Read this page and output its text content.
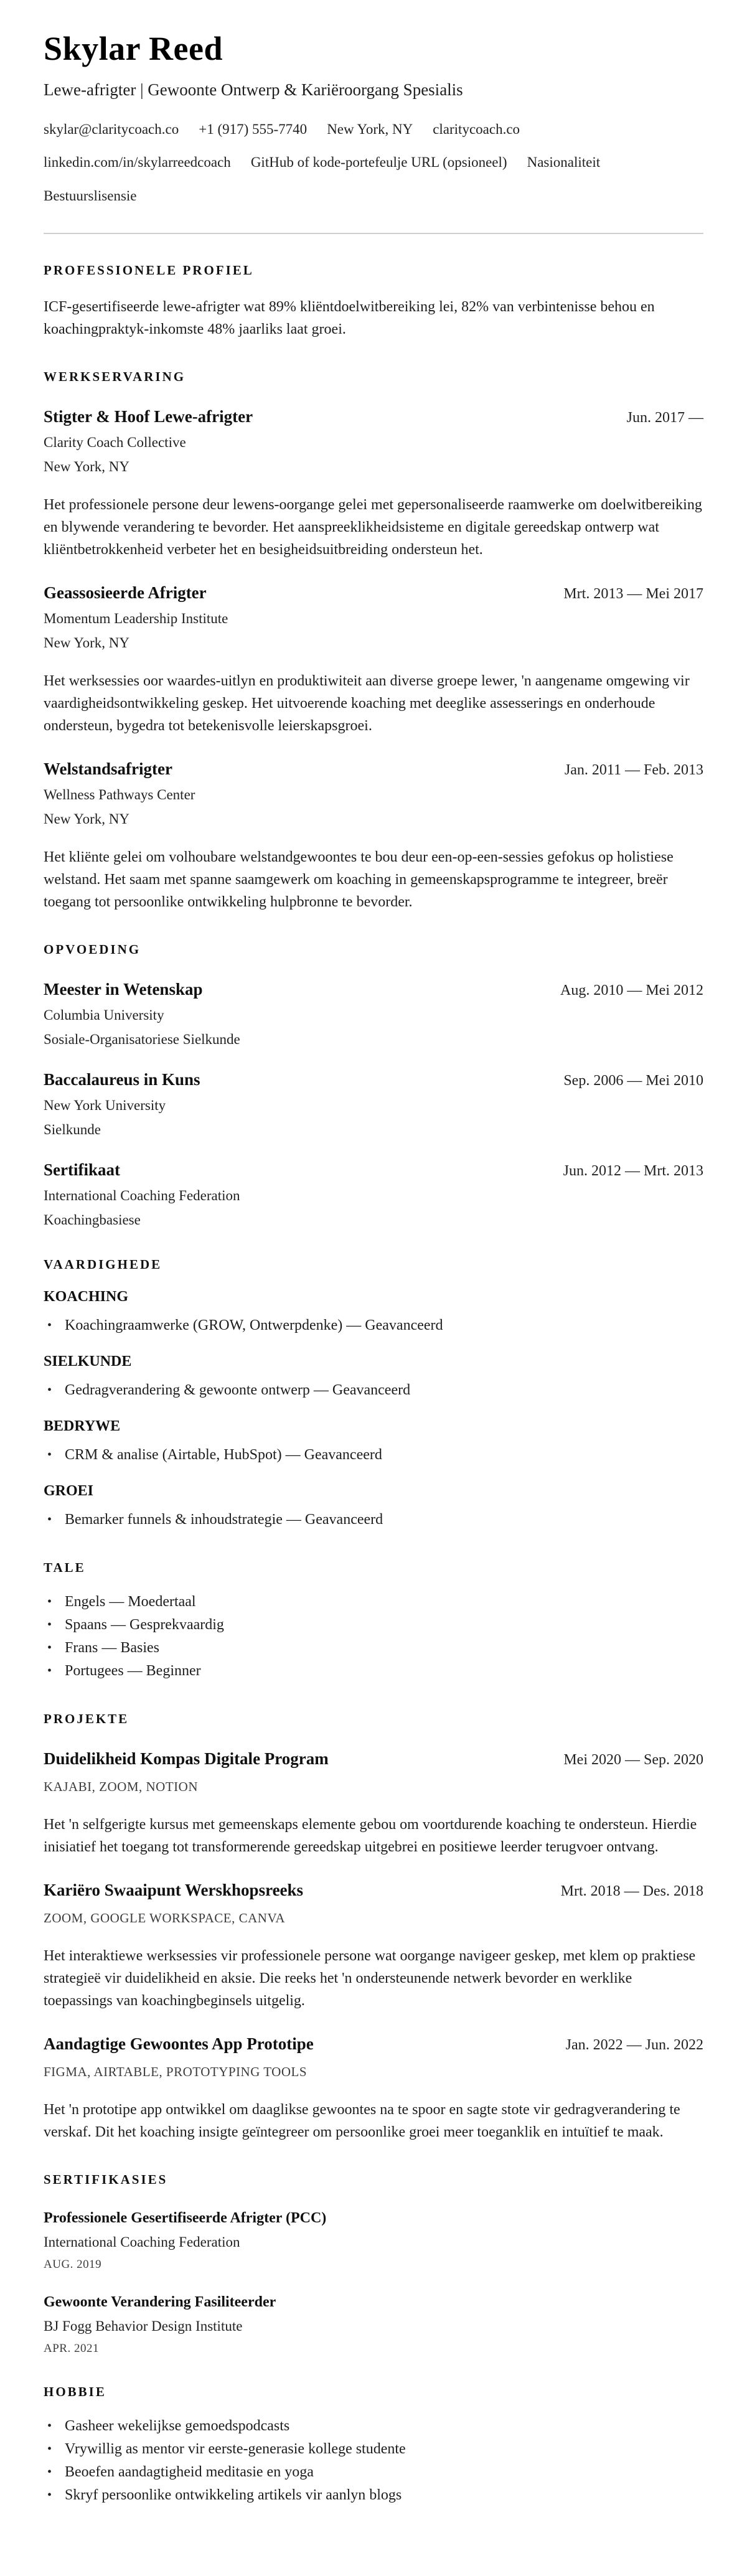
Skylar Reed
Lewe-afrigter | Gewoonte Ontwerp & Kariëroorgang Spesialis
skylar@claritycoach.co +1 (917) 555-7740 New York, NY claritycoach.co
linkedin.com/in/skylarreedcoach GitHub of kode-portefeulje URL (opsioneel) Nasionaliteit
Bestuurslisensie
PROFESSIONELE PROFIEL
ICF-gesertifiseerde lewe-afrigter wat 89% kliëntdoelwitbereiking lei, 82% van verbintenisse behou en koachingpraktyk-inkomste 48% jaarliks laat groei.
WERKSERVARING
Stigter & Hoof Lewe-afrigter	Jun. 2017 —
Clarity Coach Collective
New York, NY
Het professionele persone deur lewens-oorgange gelei met gepersonaliseerde raamwerke om doelwitbereiking en blywende verandering te bevorder. Het aanspreeklikheidsisteme en digitale gereedskap ontwerp wat kliëntbetrokkenheid verbeter het en besigheidsuitbreiding ondersteun het.
Geassosieerde Afrigter	Mrt. 2013 — Mei 2017
Momentum Leadership Institute
New York, NY
Het werksessies oor waardes-uitlyn en produktiwiteit aan diverse groepe lewer, 'n aangename omgewing vir vaardigheidsontwikkeling geskep. Het uitvoerende koaching met deeglike assesserings en onderhoude ondersteun, bygedra tot betekenisvolle leierskapsgroei.
Welstandsafrigter	Jan. 2011 — Feb. 2013
Wellness Pathways Center
New York, NY
Het kliënte gelei om volhoubare welstandgewoontes te bou deur een-op-een-sessies gefokus op holistiese welstand. Het saam met spanne saamgewerk om koaching in gemeenskapsprogramme te integreer, breër toegang tot persoonlike ontwikkeling hulpbronne te bevorder.
OPVOEDING
Meester in Wetenskap	Aug. 2010 — Mei 2012
Columbia University
Sosiale-Organisatoriese Sielkunde
Baccalaureus in Kuns	Sep. 2006 — Mei 2010
New York University
Sielkunde
Sertifikaat	Jun. 2012 — Mrt. 2013
International Coaching Federation
Koachingbasiese
VAARDIGHEDE
KOACHING
• Koachingraamwerke (GROW, Ontwerpdenke) — Geavanceerd
SIELKUNDE
• Gedragverandering & gewoonte ontwerp — Geavanceerd
BEDRYWE
• CRM & analise (Airtable, HubSpot) — Geavanceerd
GROEI
• Bemarker funnels & inhoudstrategie — Geavanceerd
TALE
• Engels — Moedertaal
• Spaans — Gesprekvaardig
• Frans — Basies
• Portugees — Beginner
PROJEKTE
Duidelikheid Kompas Digitale Program	Mei 2020 — Sep. 2020
KAJABI, ZOOM, NOTION
Het 'n selfgerigte kursus met gemeenskaps elemente gebou om voortdurende koaching te ondersteun. Hierdie inisiatief het toegang tot transformerende gereedskap uitgebrei en positiewe leerder terugvoer ontvang.
Kariëro Swaaipunt Werskhopsreeks	Mrt. 2018 — Des. 2018
ZOOM, GOOGLE WORKSPACE, CANVA
Het interaktiewe werksessies vir professionele persone wat oorgange navigeer geskep, met klem op praktiese strategieë vir duidelikheid en aksie. Die reeks het 'n ondersteunende netwerk bevorder en werklike toepassings van koachingbeginsels uitgelig.
Aandagtige Gewoontes App Prototipe	Jan. 2022 — Jun. 2022
FIGMA, AIRTABLE, PROTOTYPING TOOLS
Het 'n prototipe app ontwikkel om daaglikse gewoontes na te spoor en sagte stote vir gedragverandering te verskaf. Dit het koaching insigte geïntegreer om persoonlike groei meer toeganklik en intuïtief te maak.
SERTIFIKASIES
Professionele Gesertifiseerde Afrigter (PCC)
International Coaching Federation
AUG. 2019
Gewoonte Verandering Fasiliteerder
BJ Fogg Behavior Design Institute
APR. 2021
HOBBIE
• Gasheer wekelijkse gemoedspodcasts
• Vrywillig as mentor vir eerste-generasie kollege studente
• Beoefen aandagtigheid meditasie en yoga
• Skryf persoonlike ontwikkeling artikels vir aanlyn blogs
